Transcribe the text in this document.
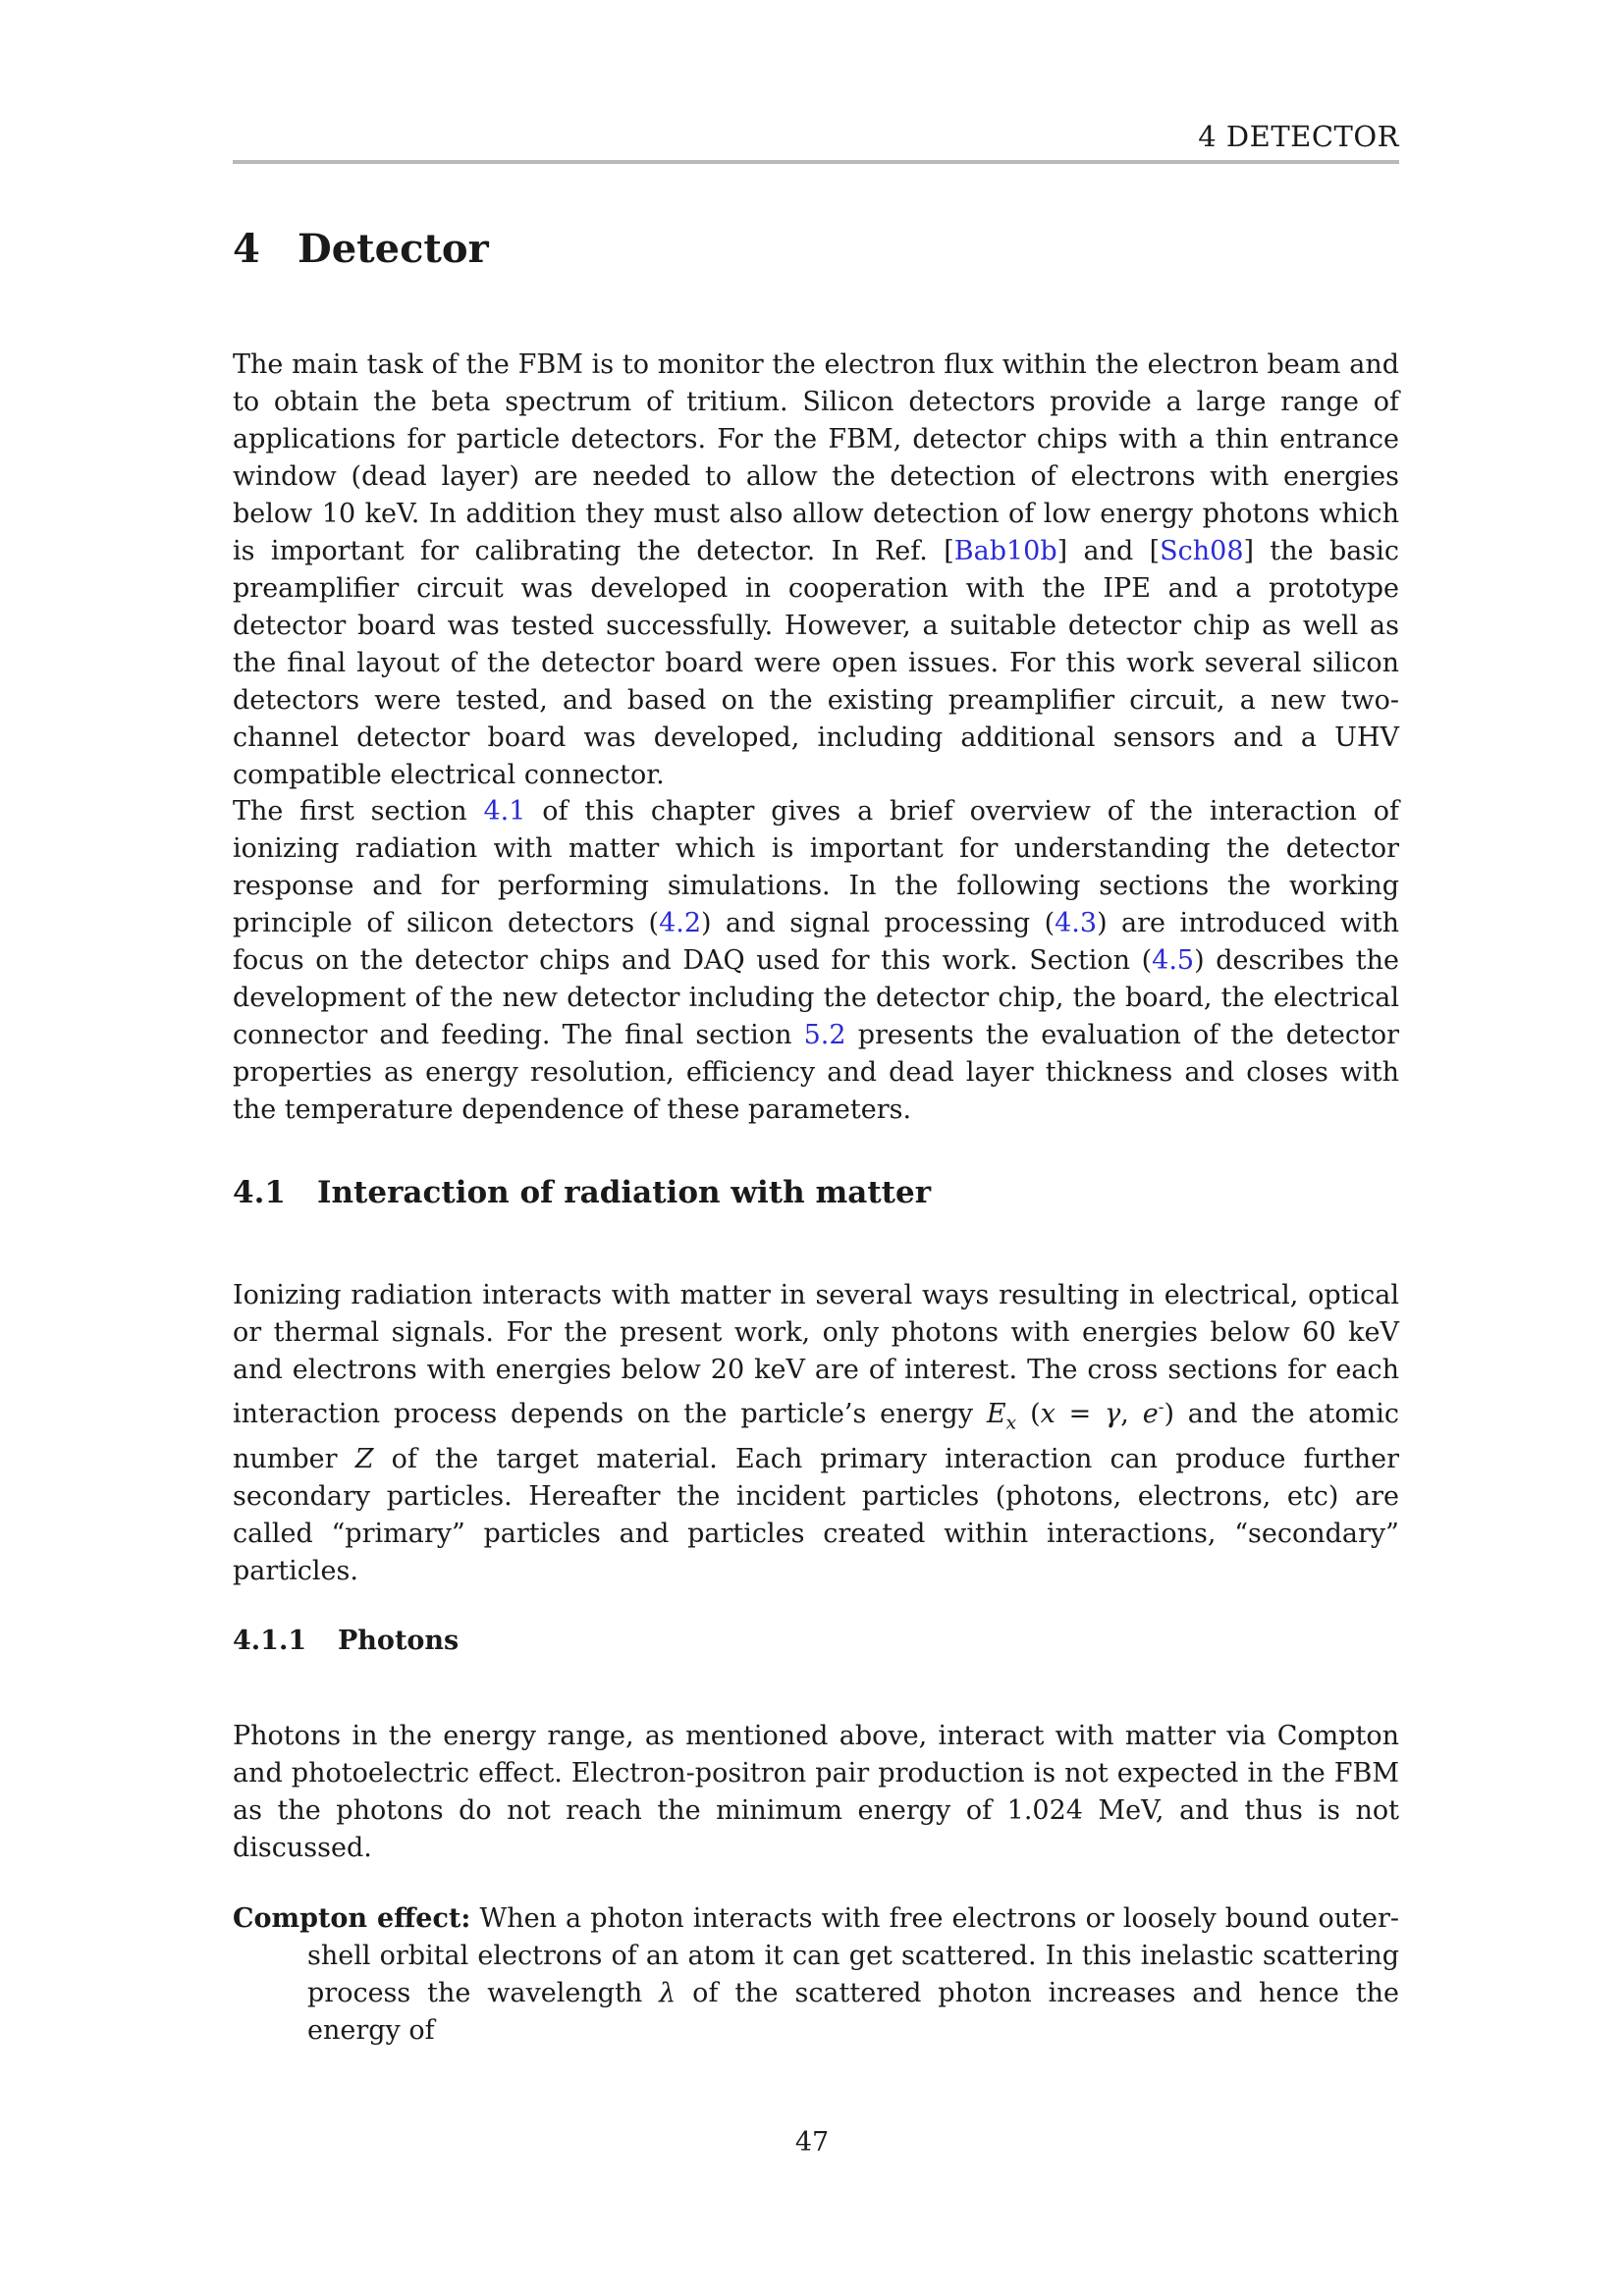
4 DETECTOR
4 Detector

The main task of the FBM is to monitor the electron flux within the electron beam and to obtain the beta spectrum of tritium. Silicon detectors provide a large range of applications for particle detectors. For the FBM, detector chips with a thin entrance window (dead layer) are needed to allow the detection of electrons with energies below 10 keV. In addition they must also allow detection of low energy photons which is important for calibrating the detector. In Ref. [Bab10b] and [Sch08] the basic preamplifier circuit was developed in cooperation with the IPE and a prototype detector board was tested successfully. However, a suitable detector chip as well as the final layout of the detector board were open issues. For this work several silicon detectors were tested, and based on the existing preamplifier circuit, a new two-channel detector board was developed, including additional sensors and a UHV compatible electrical connector.

The first section 4.1 of this chapter gives a brief overview of the interaction of ionizing radiation with matter which is important for understanding the detector response and for performing simulations. In the following sections the working principle of silicon detectors (4.2) and signal processing (4.3) are introduced with focus on the detector chips and DAQ used for this work. Section (4.5) describes the development of the new detector including the detector chip, the board, the electrical connector and feeding. The final section 5.2 presents the evaluation of the detector properties as energy resolution, efficiency and dead layer thickness and closes with the temperature dependence of these parameters.

4.1 Interaction of radiation with matter

Ionizing radiation interacts with matter in several ways resulting in electrical, optical or thermal signals. For the present work, only photons with energies below 60 keV and electrons with energies below 20 keV are of interest. The cross sections for each interaction process depends on the particle’s energy $E_x$ (x = γ, e-) and the atomic number Z of the target material. Each primary interaction can produce further secondary particles. Hereafter the incident particles (photons, electrons, etc) are called “primary” particles and particles created within interactions, “secondary” particles.

4.1.1 Photons

Photons in the energy range, as mentioned above, interact with matter via Compton and photoelectric effect. Electron-positron pair production is not expected in the FBM as the photons do not reach the minimum energy of 1.024 MeV, and thus is not discussed.

Compton effect: When a photon interacts with free electrons or loosely bound outer-shell orbital electrons of an atom it can get scattered. In this inelastic scattering process the wavelength λ of the scattered photon increases and hence the energy of

47
